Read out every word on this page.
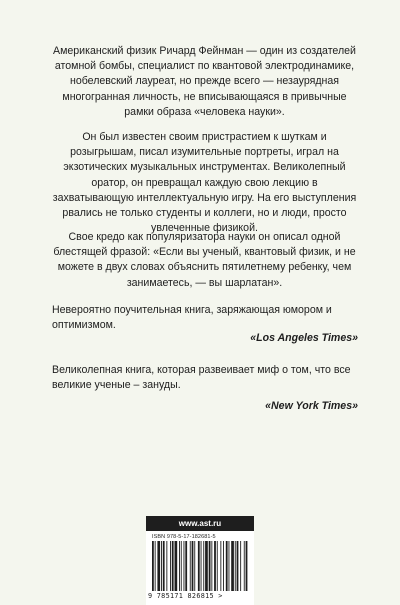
Американский физик Ричард Фейнман — один из создателей атомной бомбы, специалист по квантовой электродинамике, нобелевский лауреат, но прежде всего — незаурядная многогранная личность, не вписывающаяся в привычные рамки образа «человека науки».

Он был известен своим пристрастием к шуткам и розыгрышам, писал изумительные портреты, играл на экзотических музыкальных инструментах. Великолепный оратор, он превращал каждую свою лекцию в захватывающую интеллектуальную игру. На его выступления рвались не только студенты и коллеги, но и люди, просто увлеченные физикой.

Свое кредо как популяризатора науки он описал одной блестящей фразой: «Если вы ученый, квантовый физик, и не можете в двух словах объяснить пятилетнему ребенку, чем занимаетесь, — вы шарлатан».

Невероятно поучительная книга, заряжающая юмором и оптимизмом.

«Los Angeles Times»

Великолепная книга, которая развеивает миф о том, что все великие ученые – зануды.

«New York Times»
www.ast.ru
ISBN 978-5-17-182681-5
9 785171 826815 >
